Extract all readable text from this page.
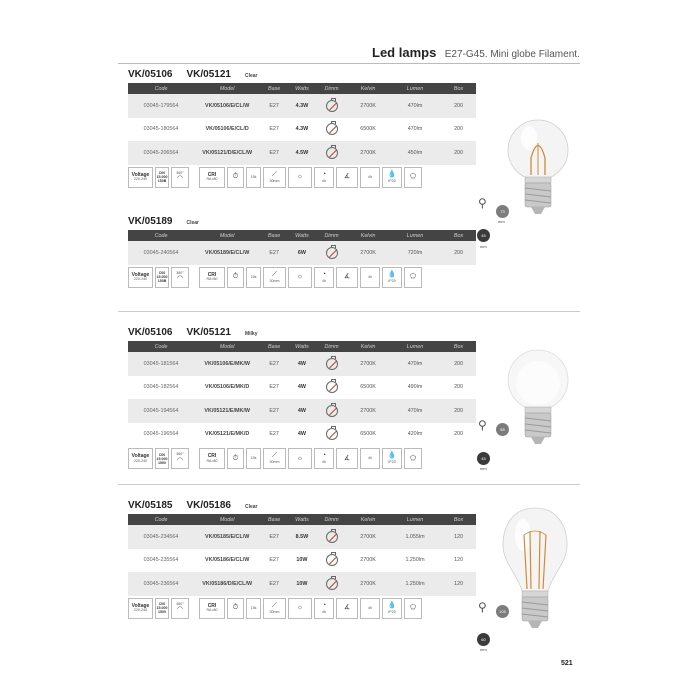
Led lamps E27-G45. Mini globe Filament.
VK/05106 VK/05121	Clear
Code	Model	Base	Watts	Dimm	Kelvin	Lumen	Box
03045-179564	VK/05106/E/CL/W	E27	4.3W		2700K	470lm	200
03045-180564	VK/05106/E/CL/D	E27	4.3W		6500K	470lm	200
03045-206564	VK/05121/D/E/CL/W	E27	4.5W		2700K	450lm	200
Voltage
220-240
C00 15.000 150B
360°
◠
CRI
RA>80 ⏱	15k ⟋
30mm
☼	◔
4h
∡	4h 💧
IP20
⬠
VK/05189	Clear
Code	Model	Base	Watts	Dimm	Kelvin	Lumen	Box
03045-240564	VK/05189/E/CL/W	E27	6W		2700K	720lm	200
Voltage
220-240
C00 15.000 150B
360°
◠
CRI
RA>80 ⏱	15k ⟋
30mm
☼	◔
4h
∡	4h 💧
IP20
⬠
VK/05106 VK/05121	Milky
Code	Model	Base	Watts	Dimm	Kelvin	Lumen	Box
03045-181564	VK/05106/E/MK/W	E27	4W		2700K	470lm	200
03045-182564	VK/05106/E/MK/D	E27	4W		6500K	490lm	200
03045-194564	VK/05121/E/MK/W	E27	4W		2700K	470lm	200
03045-196564	VK/05121/E/MK/D	E27	4W		6500K	420lm	200
Voltage
220-240
C00 15.000 1500
360°
◠
CRI
RA>80 ⏱	15k ⟋
30mm
☼	◔
4h
∡	4h 💧
IP20
⬠
VK/05185 VK/05186	Clear
Code	Model	Base	Watts	Dimm	Kelvin	Lumen	Box
03045-234564	VK/05185/E/CL/W	E27	8.5W		2700K	1.055lm	120
03045-235564	VK/05186/E/CL/W	E27	10W		2700K	1.250lm	120
03045-236564	VK/05186/D/E/CL/W	E27	10W		2700K	1.250lm	120
Voltage
220-240
C00 15.000 1500
360°
◠
CRI
RA>80 ⏱	15k ⟋
30mm
☼	◔
4h
∡	4h 💧
IP20
⬠
⚲
73
mm
45
mm
⚲	55
45
mm
⚲	105
60
mm
521
